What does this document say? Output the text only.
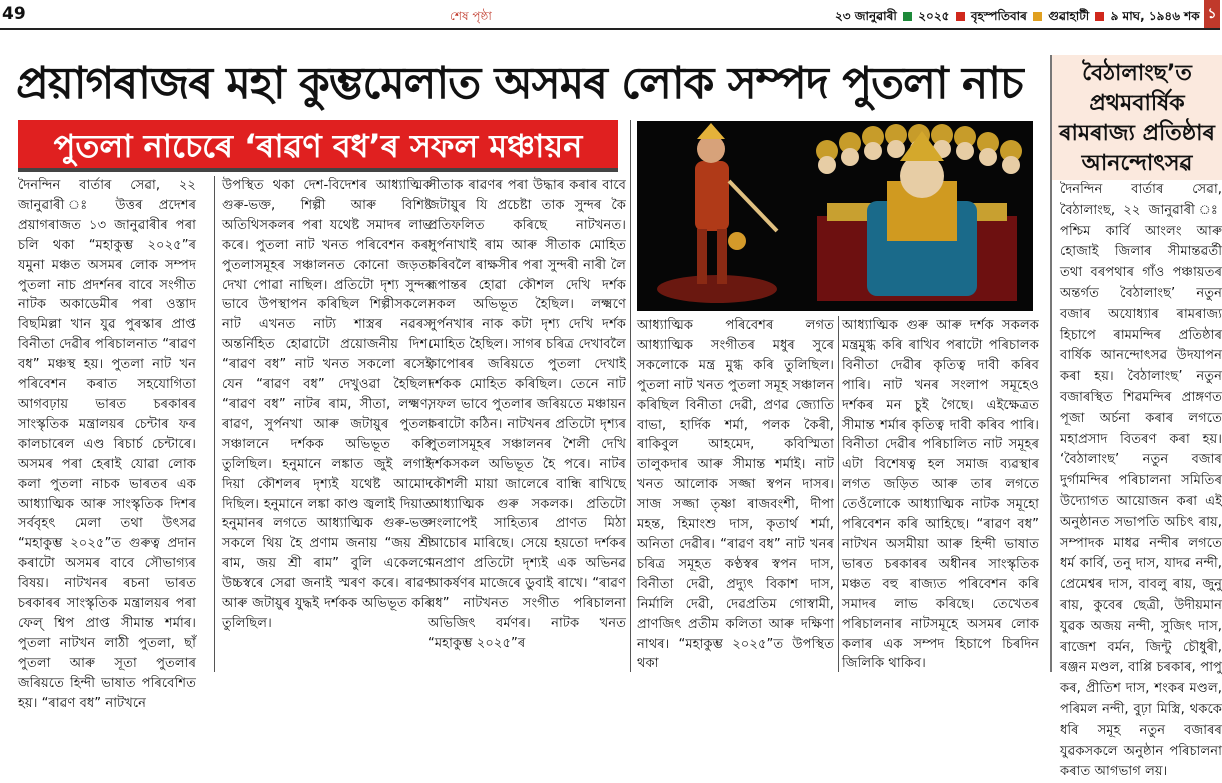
49	শেষ পৃষ্ঠা	২৩ জানুৱাৰী ২০২৫ বৃহস্পতিবাৰ গুৱাহাটী ৯ মাঘ, ১৯৪৬ শক ১
প্ৰয়াগৰাজৰ মহা কুম্ভমেলাত অসমৰ লোক সম্পদ পুতলা নাচ
পুতলা নাচেৰে ‘ৰাৱণ বধ’ৰ সফল মঞ্চায়ন

দৈনন্দিন বাৰ্তাৰ সেৱা, ২২ জানুৱাৰী ঃ উত্তৰ প্ৰদেশৰ প্ৰয়াগৰাজত ১৩ জানুৱাৰীৰ পৰা চলি থকা “মহাকুম্ভ ২০২৫”ৰ যমুনা মঞ্চত অসমৰ লোক সম্পদ পুতলা নাচ প্ৰদৰ্শনৰ বাবে সংগীত নাটক অকাডেমীৰ পৰা ওস্তাদ বিছমিল্লা খান যুৱ পুৰস্কাৰ প্ৰাপ্ত বিনীতা দেৱীৰ পৰিচালনাত “ৰাৱণ বধ” মঞ্চস্থ হয়। পুতলা নাট খন পৰিবেশন কৰাত সহযোগিতা আগবঢ়ায় ভাৰত চৰকাৰৰ সাংস্কৃতিক মন্ত্ৰালয়ৰ চেন্টাৰ ফৰ কালচাৰেল এণ্ড ৰিচাৰ্চ চেন্টাৰে। অসমৰ পৰা হেৰাই যোৱা লোক কলা পুতলা নাচক ভাৰতৰ এক আধ্যাত্মিক আৰু সাংস্কৃতিক দিশৰ সৰ্ববৃহৎ মেলা তথা উৎসৱ “মহাকুম্ভ ২০২৫”ত গুৰুত্ব প্ৰদান কৰাটো অসমৰ বাবে সৌভাগ্যৰ বিষয়। নাটখনৰ ৰচনা ভাৰত চৰকাৰৰ সাংস্কৃতিক মন্ত্ৰালয়ৰ পৰা ফেল্ শ্বিপ প্ৰাপ্ত সীমান্ত শৰ্মাৰ। পুতলা নাটখন লাঠী পুতলা, ছাঁ পুতলা আৰু সূতা পুতলাৰ জৰিয়তে হিন্দী ভাষাত পৰিবেশিত হয়। “ৰাৱণ বধ” নাটখনে

উপস্থিত থকা দেশ-বিদেশৰ আধ্যাত্মিক গুৰু-ভক্ত, শিল্পী আৰু বিশিষ্ট অতিথিসকলৰ পৰা যথেষ্ট সমাদৰ লাভ কৰে। পুতলা নাট খনত পৰিবেশন কৰা পুতলাসমূহৰ সঞ্চালনত কোনো জড়তা দেখা পোৱা নাছিল। প্ৰতিটো দৃশ্য সুন্দৰ ভাবে উপস্থাপন কৰিছিল শিল্পীসকলে। নাট এখনত নাট্য শাস্ত্ৰৰ নৱৰস অন্তৰ্নিহিত হোৱাটো প্ৰয়োজনীয় দিশ। “ৰাৱণ বধ” নাট খনত সকলো ৰসেই যেন “ৰাৱণ বধ” দেখুওৱা হৈছিল। “ৰাৱণ বধ” নাটৰ ৰাম, সীতা, লক্ষ্মণ, ৰাৱণ, সুৰ্পনখা আৰু জটায়ুৰ পুতলা সঞ্চালনে দৰ্শকক অভিভূত কৰি তুলিছিল। হনুমানে লঙ্কাত জুই লগাই দিয়া কৌশলৰ দৃশ্যই যথেষ্ট আমোদ দিছিল। হনুমানে লঙ্কা কাণ্ড জ্বলাই দিয়াত হনুমানৰ লগতে আধ্যাত্মিক গুৰু-ভক্ত সকলে থিয় হৈ প্ৰণাম জনায় “জয় শ্ৰী ৰাম, জয় শ্ৰী ৰাম” বুলি একেলগে উচ্চস্বৰে সেৱা জনাই স্মৰণ কৰে। ৰাৱণ আৰু জটায়ুৰ যুদ্ধই দৰ্শকক অভিভূত কৰি তুলিছিল।

সীতাক ৰাৱণৰ পৰা উদ্ধাৰ কৰাৰ বাবে জটায়ুৰ যি প্ৰচেষ্টা তাক সুন্দৰ কৈ প্ৰতিফলিত কৰিছে নাটখনত। সুৰ্পনাখাই ৰাম আৰু সীতাক মোহিত কৰিবলৈ ৰাক্ষসীৰ পৰা সুন্দৰী নাৰী লৈ ৰূপান্তৰ হোৱা কৌশল দেখি দৰ্শক সকল অভিভূত হৈছিল। লক্ষ্মণে সুৰ্পনখাৰ নাক কটা দৃশ্য দেখি দৰ্শক মোহিত হৈছিল। সাগৰ চৰিত্ৰ দেখাবলৈ কাপোৰৰ জৰিয়তে পুতলা দেখাই দৰ্শকক মোহিত কৰিছিল। তেনে নাট সফল ভাবে পুতলাৰ জৰিয়তে মঞ্চায়ন কৰাটো কঠিন। নাটখনৰ প্ৰতিটো দৃশ্যৰ পুতলাসমূহৰ সঞ্চালনৰ শৈলী দেখি দৰ্শকসকল অভিভূত হৈ পৰে। নাটৰ কৌশলী মায়া জালেৰে বান্ধি ৰাখিছে আধ্যাত্মিক গুৰু সকলক। প্ৰতিটো সংলাপেই সাহিত্যৰ প্ৰাণত মিঠা আচোৰ মাৰিছে। সেয়ে হয়তো দৰ্শকৰ মনপ্ৰাণ প্ৰতিটো দৃশ্যই এক অভিনৱ আকৰ্ষণৰ মাজেৰে ডুবাই ৰাখে। “ৰাৱণ বধ” নাটখনত সংগীত পৰিচালনা অভিজিৎ বৰ্মণৰ। নাটক খনত “মহাকুম্ভ ২০২৫”ৰ

আধ্যাত্মিক পৰিবেশৰ লগত আধ্যাত্মিক সংগীতৰ মধুৰ সুৰে সকলোকে মন্ত্ৰ মুগ্ধ কৰি তুলিছিল। পুতলা নাট খনত পুতলা সমূহ সঞ্চালন কৰিছিল বিনীতা দেৱী, প্ৰণৱ জ্যোতি বাভা, হাৰ্দিক শৰ্মা, পলক কৈৰী, ৰাকিবুল আহমেদ, কবিস্মিতা তালুকদাৰ আৰু সীমান্ত শৰ্মাই। নাট খনত আলোক সজ্জা স্বপন দাসৰ। সাজ সজ্জা তৃষ্ণা ৰাজবংশী, দীপা মহন্ত, হিমাংশু দাস, কৃতাৰ্থ শৰ্মা, অনিতা দেৱীৰ। “ৰাৱণ বধ” নাট খনৰ চৰিত্ৰ সমূহত কণ্ঠস্বৰ স্বপন দাস, বিনীতা দেৱী, প্ৰদ্যুৎ বিকাশ দাস, নিৰ্মালি দেৱী, দেৱপ্ৰতিম গোস্বামী, প্ৰাণজিৎ প্ৰতীম কলিতা আৰু দক্ষিণা নাথৰ। “মহাকুম্ভ ২০২৫”ত উপস্থিত থকা

আধ্যাত্মিক গুৰু আৰু দৰ্শক সকলক মন্ত্ৰমুগ্ধ কৰি ৰাখিব পৰাটো পৰিচালক বিনীতা দেৱীৰ কৃতিত্ব দাবী কৰিব পাৰি। নাট খনৰ সংলাপ সমূহেও দৰ্শকৰ মন চুই গৈছে। এইক্ষেত্ৰত সীমান্ত শৰ্মাৰ কৃতিত্ব দাবী কৰিব পাৰি। বিনীতা দেৱীৰ পৰিচালিত নাট সমূহৰ এটা বিশেষত্ব হল সমাজ ব্যৱস্থাৰ লগত জড়িত আৰু তাৰ লগতে তেওঁলোকে আধ্যাত্মিক নাটক সমূহো পৰিবেশন কৰি আহিছে। “ৰাৱণ বধ” নাটখন অসমীয়া আৰু হিন্দী ভাষাত ভাৰত চৰকাৰৰ অধীনৰ সাংস্কৃতিক মঞ্চত বহু ৰাজ্যত পৰিবেশন কৰি সমাদৰ লাভ কৰিছে। তেখেতৰ পৰিচালনাৰ নাটসমূহে অসমৰ লোক কলাৰ এক সম্পদ হিচাপে চিৰদিন জিলিকি থাকিব।

বৈঠালাংছ’ত প্ৰথমবাৰ্ষিক ৰামৰাজ্য প্ৰতিষ্ঠাৰ আনন্দোৎসৱ
দৈনন্দিন বাৰ্তাৰ সেৱা, বৈঠালাংছ, ২২ জানুৱাৰী ঃ পশ্চিম কাৰ্বি আংলং আৰু হোজাই জিলাৰ সীমান্তৱৰ্তী তথা বৰপথাৰ গাঁও পঞ্চায়তৰ অন্তৰ্গত বৈঠালাংছ’ নতুন বজাৰ অযোধ্যাৰ ৰামৰাজ্য হিচাপে ৰামমন্দিৰ প্ৰতিষ্ঠাৰ বাৰ্ষিক আনন্দোৎসৱ উদযাপন কৰা হয়। বৈঠালাংছ’ নতুন বজাৰস্থিত শিৱমন্দিৰ প্ৰাঙ্গণত পূজা অৰ্চনা কৰাৰ লগতে মহাপ্ৰসাদ বিতৰণ কৰা হয়। ‘বৈঠালাংছ’ নতুন বজাৰ দুৰ্গামন্দিৰ পৰিচালনা সমিতিৰ উদ্যোগত আয়োজন কৰা এই অনুষ্ঠানত সভাপতি অচিৎ ৰায়, সম্পাদক মাধৱ নন্দীৰ লগতে ধৰ্ম কাৰ্বি, তনু দাস, যাদৱ নন্দী, প্ৰেমেশ্বৰ দাস, বাবলু ৰায়, জুনু ৰায়, কুবেৰ ছেত্ৰী, উদীয়মান যুৱক অজয় নন্দী, সুজিৎ দাস, ৰাজেশ বৰ্মন, জিন্টু চৌধুৰী, ৰঞ্জন মণ্ডল, বাপ্পি চৰকাৰ, পাপু কৰ, প্ৰীতিশ দাস, শংকৰ মণ্ডল, পৰিমল নন্দী, বুঢ়া মিস্ত্ৰি, থককে ধৰি সমূহ নতুন বজাৰৰ যুৱকসকলে অনুষ্ঠান পৰিচালনা কৰাত আগভাগ লয়।
